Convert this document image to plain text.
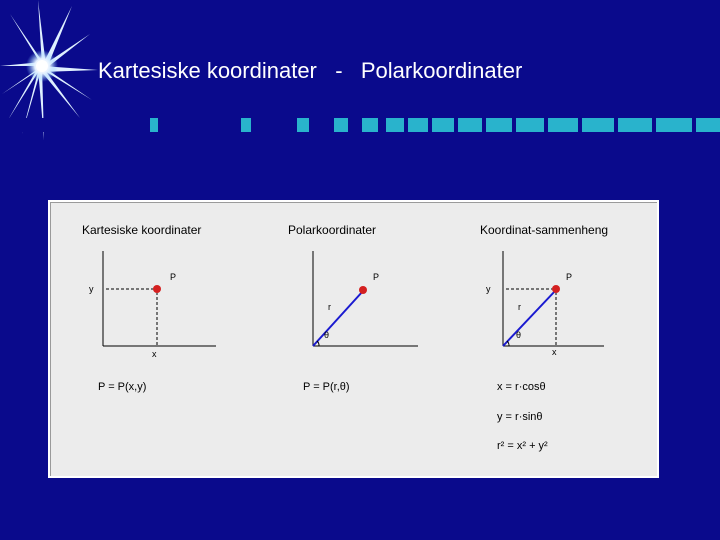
Kartesiske koordinater   -   Polarkoordinater
Kartesiske koordinater	Polarkoordinater	Koordinat-sammenheng
P
y
x
P = P(x,y)
P
r
θ
P = P(r,θ)
P
y
r
θ
x
x = r·cosθ
y = r·sinθ
r² = x² + y²
